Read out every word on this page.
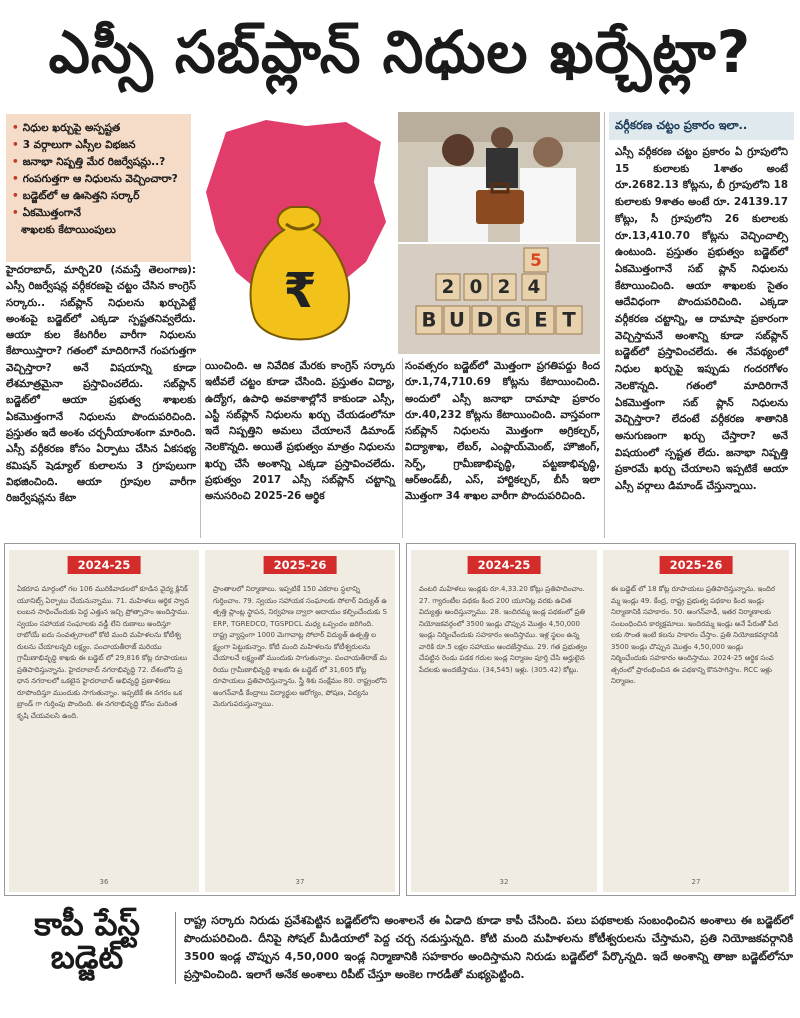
ఎస్సీ సబ్‌ప్లాన్ నిధుల ఖర్చేట్లా?
• నిధుల ఖర్చుపై అస్పష్టత
• 3 వర్గాలుగా ఎస్సీల విభజన
• జనాభా నిష్పత్తి మేర రిజర్వేషన్లు..?
• గంపగుత్తగా ఆ నిధులను వెచ్చించారా?
• బడ్జెట్‌లో ఆ ఊసెత్తని సర్కార్
• ఏకమొత్తంగానే
శాఖలకు కేటాయింపులు
₹	2 0 2 4
5
B U D G E T
వర్గీకరణ చట్టం ప్రకారం ఇలా..
ఎస్సీ వర్గీకరణ చట్టం ప్రకారం ఏ గ్రూపులోని 15 కులాలకు 1శాతం అంటే రూ.2682.13 కోట్లను, బీ గ్రూపులోని 18 కులాలకు 9శాతం అంటే రూ. 24139.17 కోట్లు, సీ గ్రూపులోని 26 కులాలకు రూ.13,410.70 కోట్లను వెచ్చించాల్సి ఉంటుంది. ప్రస్తుతం ప్రభుత్వం బడ్జెట్‌లో ఏకమొత్తంగానే సబ్ ప్లాన్ నిధులను కేటాయించింది. ఆయా శాఖలకు సైతం ఆదేవిధంగా పొందుపరిచింది. ఎక్కడా వర్గీకరణ చట్టాన్ని, ఆ దామాషా ప్రకారంగా వెచ్చిస్తామనే అంశాన్ని కూడా సబ్‌ప్లాన్ బడ్జెట్‌లో ప్రస్తావించలేదు. ఈ నేపథ్యంలో నిధుల ఖర్చుపై ఇప్పుడు గందరగోళం నెలకొన్నది. గతంలో మాదిరిగానే ఏకమొత్తంగా సబ్ ప్లాన్ నిధులను వెచ్చిస్తారా? లేదంటే వర్గీకరణ శాతానికి అనుగుణంగా ఖర్చు చేస్తారా? అనే విషయంలో స్పష్టత లేదు. జనాభా నిష్పత్తి ప్రకారమే ఖర్చు చేయాలని ఇప్పటికే ఆయా ఎస్సీ వర్గాలు డిమాండ్ చేస్తున్నాయి.
హైదరాబాద్, మార్చి20 (నమస్తే తెలంగాణ): ఎస్సీ రిజర్వేషన్ల వర్గీకరణపై చట్టం చేసిన కాంగ్రెస్ సర్కారు.. సబ్‌ప్లాన్ నిధులను ఖర్చుపెట్టే అంశంపై బడ్జెట్‌లో ఎక్కడా స్పష్టతనివ్వలేదు. ఆయా కుల కేటగిరీల వారీగా నిధులను కేటాయిస్తారా? గతంలో మాదిరిగానే గంపగుత్తగా వెచ్చిస్తారా? అనే విషయాన్ని కూడా లేశమాత్రమైనా ప్రస్తావించలేదు. సబ్‌ప్లాన్ బడ్జెట్‌లో ఆయా ప్రభుత్వ శాఖలకు ఏకమొత్తంగానే నిధులను పొందుపరిచింది. ప్రస్తుతం ఇదే అంశం చర్చనీయాంశంగా మారింది. ఎస్సీ వర్గీకరణ కోసం ఏర్పాటు చేసిన ఏకసభ్య కమిషన్ షెడ్యూల్ కులాలను 3 గ్రూపులుగా విభజించింది. ఆయా గ్రూపుల వారీగా రిజర్వేషన్లను కేటా
యించింది. ఆ నివేదిక మేరకు కాంగ్రెస్ సర్కారు ఇటీవలే చట్టం కూడా చేసింది. ప్రస్తుతం విద్యా, ఉద్యోగ, ఉపాధి అవకాశాల్లోనే కాకుండా ఎస్సీ, ఎస్టీ సబ్‌ప్లాన్ నిధులను ఖర్చు చేయడంలోనూ ఇదే నిష్పత్తిని అమలు చేయాలనే డిమాండ్ నెలకొన్నది. అయితే ప్రభుత్వం మాత్రం నిధులను ఖర్చు చేసే అంశాన్ని ఎక్కడా ప్రస్తావించలేదు. ప్రభుత్వం 2017 ఎస్సీ సబ్‌ప్లాన్ చట్టాన్ని అనుసరించి 2025-26 ఆర్థిక
సంవత్సరం బడ్జెట్‌లో మొత్తంగా ప్రగతిపద్దు కింద రూ.1,74,710.69 కోట్లను కేటాయించింది. అందులో ఎస్సీ జనాభా దామాషా ప్రకారం రూ.40,232 కోట్లను కేటాయించింది. వాస్తవంగా సబ్‌ప్లాన్ నిధులను మొత్తంగా అగ్రికల్చర్, విద్యాశాఖ, లేబర్, ఎంప్లాయ్‌మెంట్, హౌజింగ్, సెర్ప్, గ్రామీణాభివృద్ధి, పట్టణాభివృద్ధి, ఆర్అండ్‌బీ, ఎస్, హార్టికల్చర్, బీసీ ఇలా మొత్తంగా 34 శాఖల వారీగా పొందుపరిచింది.
2024-25
ఏకరూప మార్గంలో గల 106 మురికివాడలలో కూడిన వైద్య క్లినిక్ యూనిట్స్ ఏర్పాటు చేయనున్నాము. 71. మహిళలు ఆర్థిక స్వావలంబన సాధించేందుకు పెద్ద ఎత్తున ఇచ్చి ప్రోత్సాహం అందిస్తాము. స్వయం సహాయక సంఘాలకు వడ్డీ లేని రుణాలు అందిస్తూ రాబోయే ఐదు సంవత్సరాలలో కోటి మంది మహిళలను కోటీశ్వరులను చేయాలన్నది లక్ష్యం. పంచాయతీరాజ్ మరియు గ్రామీణాభివృద్ధి శాఖకు ఈ బడ్జెట్ లో 29,816 కోట్ల రూపాయలు ప్రతిపాదిస్తున్నాను. హైదరాబాద్ నగరాభివృద్ధి 72. దేశంలోని ప్రధాన నగరాలలో ఒకటైన హైదరాబాద్ అభివృద్ధి ప్రణాళికలు రూపొందిస్తూ ముందుకు సాగుతున్నాం. ఇప్పటికే ఈ నగరం ఒక బ్రాండ్ గా గుర్తింపు పొందింది. ఈ నగరాభివృద్ధి కోసం మరింత కృషి చేయవలసి ఉంది.
36
2025-26
ప్రాంతాలలో నిర్మాణాలు. ఇప్పటికే 150 ఎకరాల స్థలాన్ని గుర్తించాం. 79. స్వయం సహాయక సంఘాలకు సోలార్ విద్యుత్ ఉత్పత్తి ప్లాంట్ల స్థాపన, నిర్వహణ ద్వారా ఆదాయం కల్పించేందుకు SERP, TGREDCO, TGSPDCL మధ్య ఒప్పందం జరిగింది. రాష్ట్ర వ్యాప్తంగా 1000 మెగావాట్ల సోలార్ విద్యుత్ ఉత్పత్తి లక్ష్యంగా పెట్టుకున్నాం. కోటి మంది మహిళలను కోటీశ్వరులను చేయాలనే లక్ష్యంతో ముందుకు సాగుతున్నాం. పంచాయతీరాజ్ మరియు గ్రామీణాభివృద్ధి శాఖకు ఈ బడ్జెట్ లో 31,605 కోట్ల రూపాయలు ప్రతిపాదిస్తున్నాను. స్త్రీ శిశు సంక్షేమం 80. రాష్ట్రంలోని అంగన్‌వాడీ కేంద్రాలు విద్యార్థుల ఆరోగ్యం, పోషణ, విద్యను మెరుగుపరుస్తున్నాయి.
37
2024-25
వంటరి మహిళలు ఇండ్లకు రూ.4,33.20 కోట్లు ప్రతిపాదించాం. 27. గ్యారంటీల పథకం కింద 200 యూనిట్ల వరకు ఉచిత విద్యుత్తు అందిస్తున్నాము. 28. ఇందిరమ్మ ఇండ్ల పథకంలో ప్రతి నియోజకవర్గంలో 3500 ఇండ్లు చొప్పున మొత్తం 4,50,000 ఇండ్లు నిర్మించేందుకు సహకారం అందిస్తాము. ఇళ్ల స్థలం ఉన్న వారికి రూ.5 లక్షల సహాయం అందజేస్తాము. 29. గత ప్రభుత్వం చేపట్టిన రెండు పడక గదుల ఇండ్ల నిర్మాణం పూర్తి చేసి అర్హులైన పేదలకు అందజేస్తాము. (34,545) ఇళ్లు. (305.42) కోట్లు.
32
2025-26
ఈ బడ్జెట్ లో 18 కోట్ల రూపాయలు ప్రతిపాదిస్తున్నాను. ఇందిరమ్మ ఇండ్లు 49. కేంద్ర, రాష్ట్ర ప్రభుత్వ పథకాల కింద ఇండ్లు నిర్మాణానికి సహకారం. 50. అంగన్‌వాడీ, ఇతర నిర్మాణాలకు సంబంధించిన కార్యక్రమాలు. ఇందిరమ్మ ఇండ్లు అనే పేరుతో పేదలకు సొంత ఇంటి కలను సాకారం చేస్తాం. ప్రతి నియోజకవర్గానికి 3500 ఇండ్లు చొప్పున మొత్తం 4,50,000 ఇండ్లు నిర్మించేందుకు సహకారం అందిస్తాము. 2024-25 ఆర్థిక సంవత్సరంలో ప్రారంభించిన ఈ పథకాన్ని కొనసాగిస్తాం. RCC ఇళ్లు నిర్మాణం.
27
కాపీ పేస్ట్
బడ్జెట్
రాష్ట్ర సర్కారు నిరుడు ప్రవేశపెట్టిన బడ్జెట్‌లోని అంశాలనే ఈ ఏడాది కూడా కాపీ చేసింది. పలు పథకాలకు సంబంధించిన అంశాలు ఈ బడ్జెట్‌లో పొందుపరిచింది. దీనిపై సోషల్ మీడియాలో పెద్ద చర్చ నడుస్తున్నది. కోటి మంది మహిళలను కోటీశ్వరులను చేస్తామని, ప్రతి నియోజకవర్గానికి 3500 ఇండ్ల చొప్పున 4,50,000 ఇండ్ల నిర్మాణానికి సహకారం అందిస్తామని నిరుడు బడ్జెట్‌లో పేర్కొన్నది. ఇదే అంశాన్ని తాజా బడ్జెట్‌లోనూ ప్రస్తావించింది. ఇలాగే అనేక అంశాలు రిపీట్ చేస్తూ అంకెల గారడీతో మభ్యపెట్టింది.
